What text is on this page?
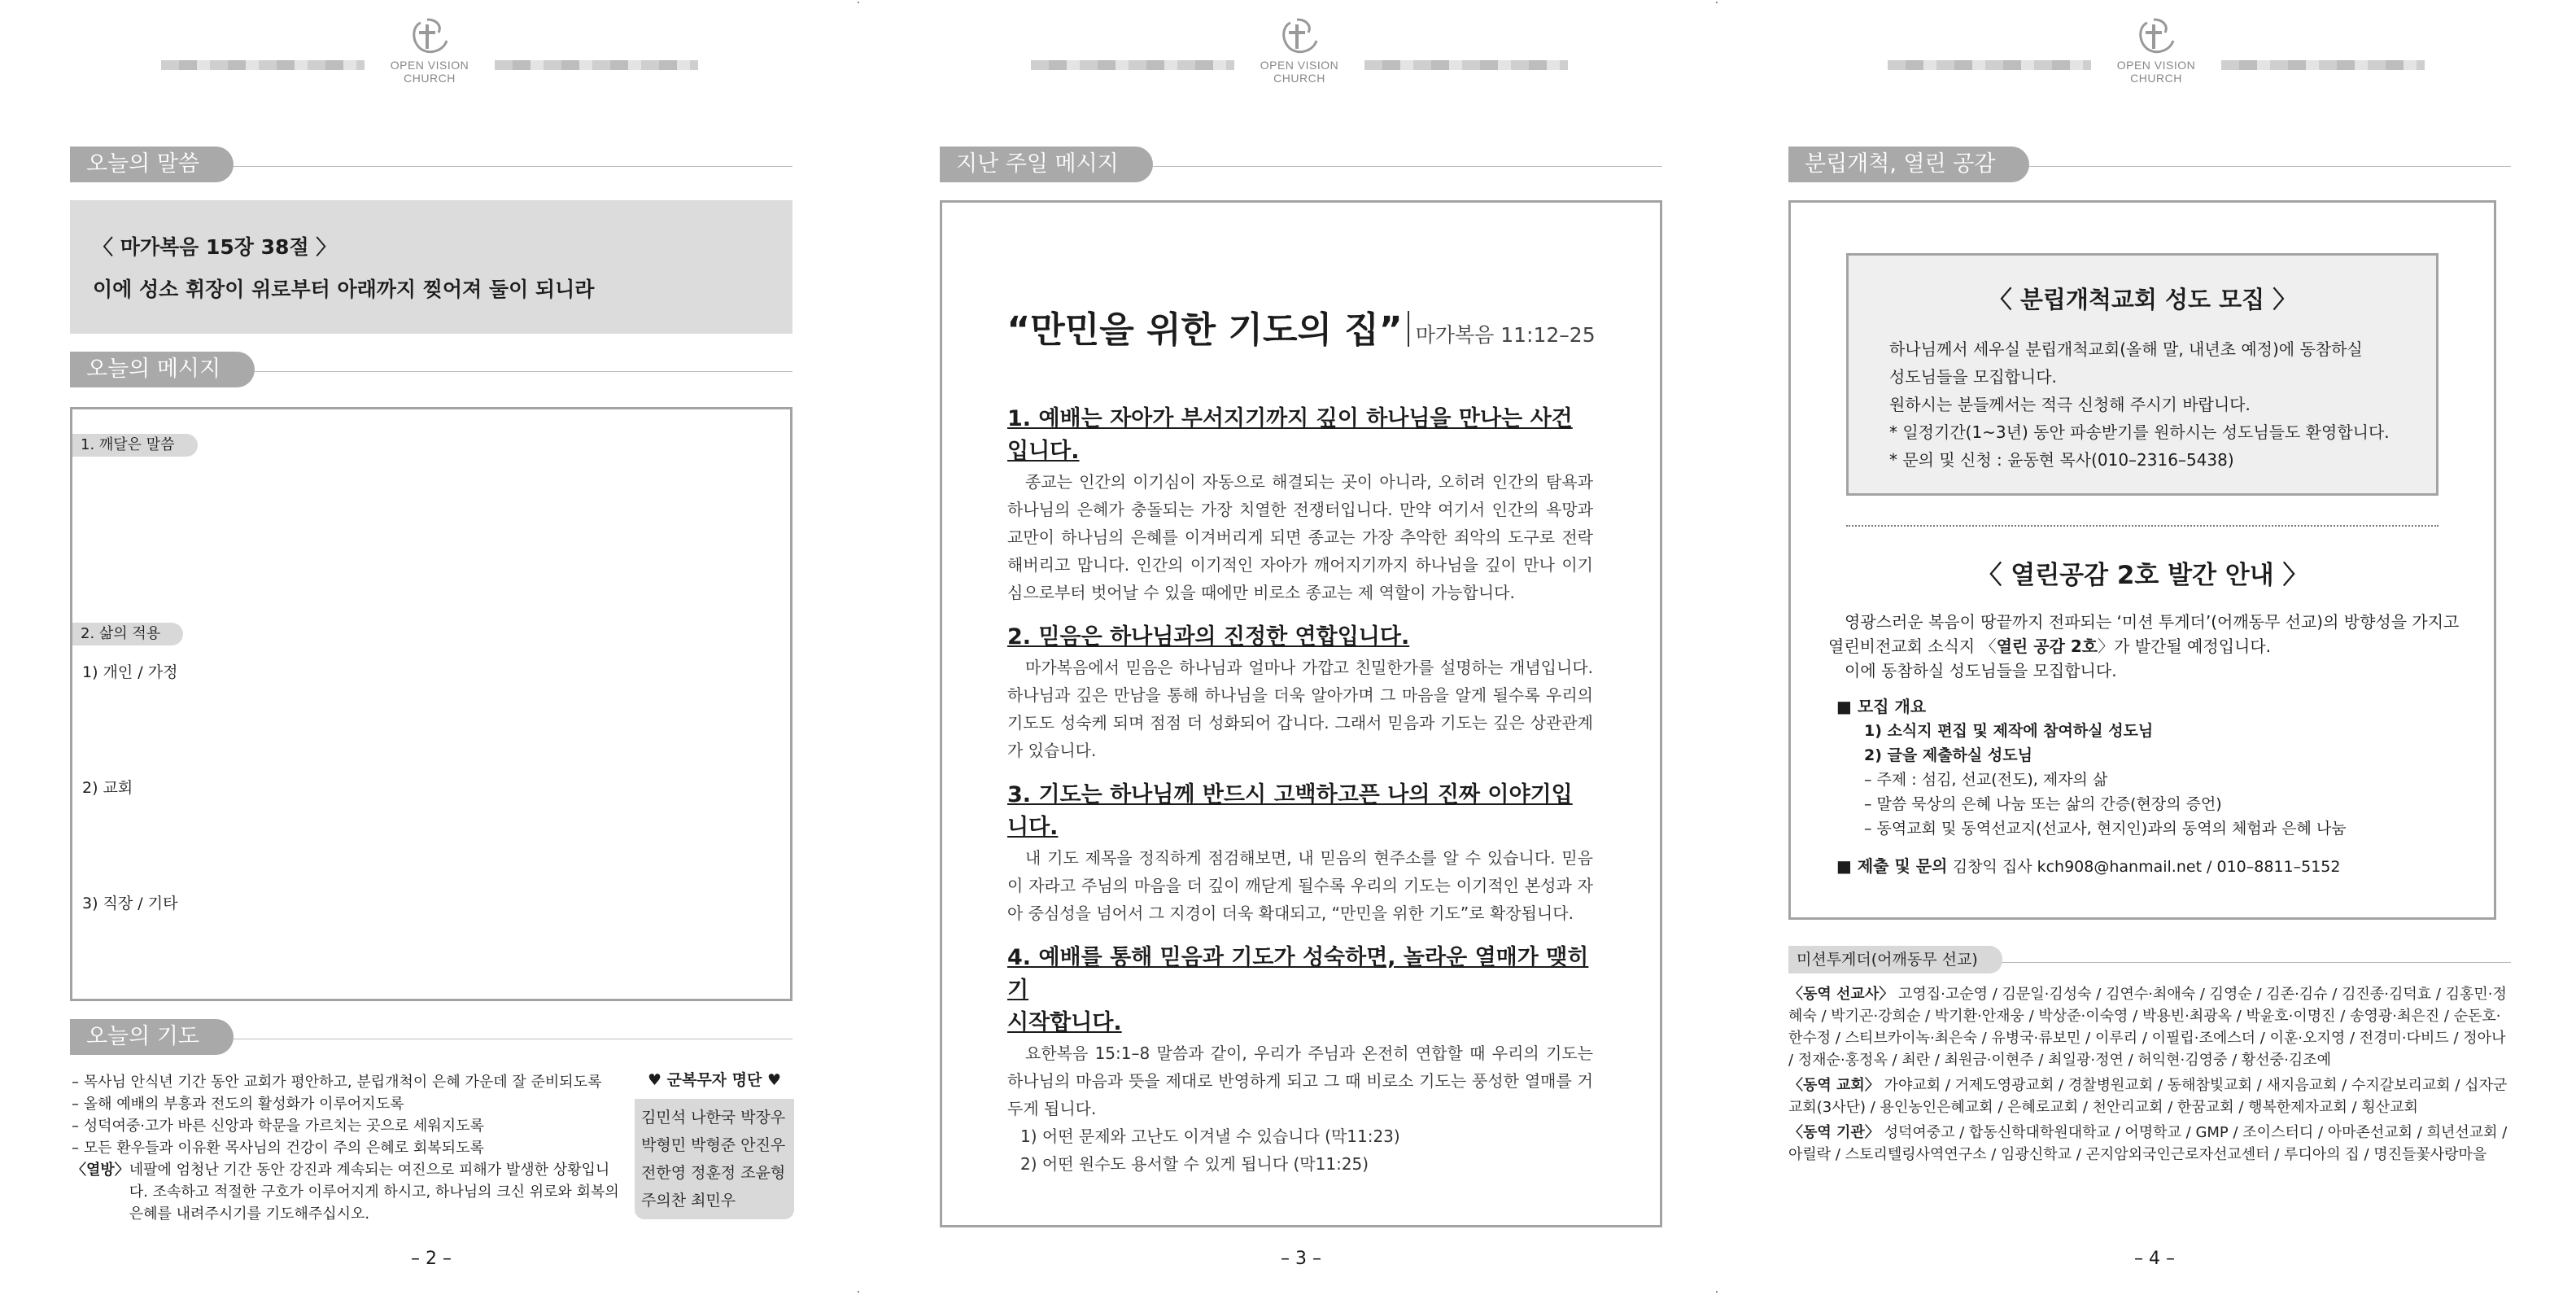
OPEN VISION CHURCH
오늘의 말씀
〈 마가복음 15장 38절 〉
이에 성소 휘장이 위로부터 아래까지 찢어져 둘이 되니라
오늘의 메시지
1. 깨달은 말씀
2. 삶의 적용
1) 개인 / 가정
2) 교회
3) 직장 / 기타
오늘의 기도
– 목사님 안식년 기간 동안 교회가 평안하고, 분립개척이 은혜 가운데 잘 준비되도록
– 올해 예배의 부흥과 전도의 활성화가 이루어지도록
– 성덕여중·고가 바른 신앙과 학문을 가르치는 곳으로 세워지도록
– 모든 환우들과 이유환 목사님의 건강이 주의 은혜로 회복되도록
〈열방〉 네팔에 엄청난 기간 동안 강진과 계속되는 여진으로 피해가 발생한 상황입니다. 조속하고 적절한 구호가 이루어지게 하시고, 하나님의 크신 위로와 회복의 은혜를 내려주시기를 기도해주십시오.
♥ 군복무자 명단 ♥
김민석 나한국 박장우
박형민 박형준 안진우
전한영 정훈정 조윤형
주의찬 최민우
– 2 –
OPEN VISION CHURCH
지난 주일 메시지
“만민을 위한 기도의 집” 마가복음 11:12–25

1. 예배는 자아가 부서지기까지 깊이 하나님을 만나는 사건입니다.

종교는 인간의 이기심이 자동으로 해결되는 곳이 아니라, 오히려 인간의 탐욕과 하나님의 은혜가 충돌되는 가장 치열한 전쟁터입니다. 만약 여기서 인간의 욕망과 교만이 하나님의 은혜를 이겨버리게 되면 종교는 가장 추악한 죄악의 도구로 전락해버리고 맙니다. 인간의 이기적인 자아가 깨어지기까지 하나님을 깊이 만나 이기심으로부터 벗어날 수 있을 때에만 비로소 종교는 제 역할이 가능합니다.

2. 믿음은 하나님과의 진정한 연합입니다.

마가복음에서 믿음은 하나님과 얼마나 가깝고 친밀한가를 설명하는 개념입니다. 하나님과 깊은 만남을 통해 하나님을 더욱 알아가며 그 마음을 알게 될수록 우리의 기도도 성숙케 되며 점점 더 성화되어 갑니다. 그래서 믿음과 기도는 깊은 상관관계가 있습니다.

3. 기도는 하나님께 반드시 고백하고픈 나의 진짜 이야기입니다.

내 기도 제목을 정직하게 점검해보면, 내 믿음의 현주소를 알 수 있습니다. 믿음이 자라고 주님의 마음을 더 깊이 깨닫게 될수록 우리의 기도는 이기적인 본성과 자아 중심성을 넘어서 그 지경이 더욱 확대되고, “만민을 위한 기도”로 확장됩니다.

4. 예배를 통해 믿음과 기도가 성숙하면, 놀라운 열매가 맺히기

시작합니다.

요한복음 15:1–8 말씀과 같이, 우리가 주님과 온전히 연합할 때 우리의 기도는 하나님의 마음과 뜻을 제대로 반영하게 되고 그 때 비로소 기도는 풍성한 열매를 거두게 됩니다.

1) 어떤 문제와 고난도 이겨낼 수 있습니다 (막11:23)

2) 어떤 원수도 용서할 수 있게 됩니다 (막11:25)

– 3 –
OPEN VISION CHURCH
분립개척, 열린 공감
〈 분립개척교회 성도 모집 〉
하나님께서 세우실 분립개척교회(올해 말, 내년초 예정)에 동참하실
성도님들을 모집합니다.
원하시는 분들께서는 적극 신청해 주시기 바랍니다.
* 일정기간(1~3년) 동안 파송받기를 원하시는 성도님들도 환영합니다.
* 문의 및 신청 : 윤동현 목사(010–2316–5438)
〈 열린공감 2호 발간 안내 〉
영광스러운 복음이 땅끝까지 전파되는 ‘미션 투게더’(어깨동무 선교)의 방향성을 가지고 열린비전교회 소식지 〈열린 공감 2호〉가 발간될 예정입니다.
이에 동참하실 성도님들을 모집합니다.
■ 모집 개요
1) 소식지 편집 및 제작에 참여하실 성도님
2) 글을 제출하실 성도님
– 주제 : 섬김, 선교(전도), 제자의 삶
– 말씀 묵상의 은혜 나눔 또는 삶의 간증(현장의 증언)
– 동역교회 및 동역선교지(선교사, 현지인)과의 동역의 체험과 은혜 나눔
■ 제출 및 문의 김창익 집사 kch908@hanmail.net / 010–8811–5152
미션투게더(어깨동무 선교)
〈동역 선교사〉 고영집·고순영 / 김문일·김성숙 / 김연수·최애숙 / 김영순 / 김존·김슈 / 김진종·김덕효 / 김홍민·정혜숙 / 박기곤·강희순 / 박기환·안재웅 / 박상준·이숙영 / 박용빈·최광옥 / 박윤호·이명진 / 송영광·최은진 / 순돈호·한수정 / 스티브카이녹·최은숙 / 유병국·류보민 / 이루리 / 이필립·조에스더 / 이훈·오지영 / 전경미·다비드 / 정아나 / 정재순·홍정옥 / 최란 / 최원금·이현주 / 최일광·정연 / 허익현·김영중 / 황선중·김조예
〈동역 교회〉 가야교회 / 거제도영광교회 / 경찰병원교회 / 동해참빛교회 / 새지음교회 / 수지갈보리교회 / 십자군교회(3사단) / 용인농인은혜교회 / 은혜로교회 / 천안리교회 / 한꿈교회 / 행복한제자교회 / 횡산교회
〈동역 기관〉 성덕여중고 / 합동신학대학원대학교 / 어명학교 / GMP / 조이스터디 / 아마존선교회 / 희년선교회 / 아릴락 / 스토리텔링사역연구소 / 임광신학교 / 곤지암외국인근로자선교센터 / 루디아의 집 / 명진들꽃사랑마을
– 4 –
